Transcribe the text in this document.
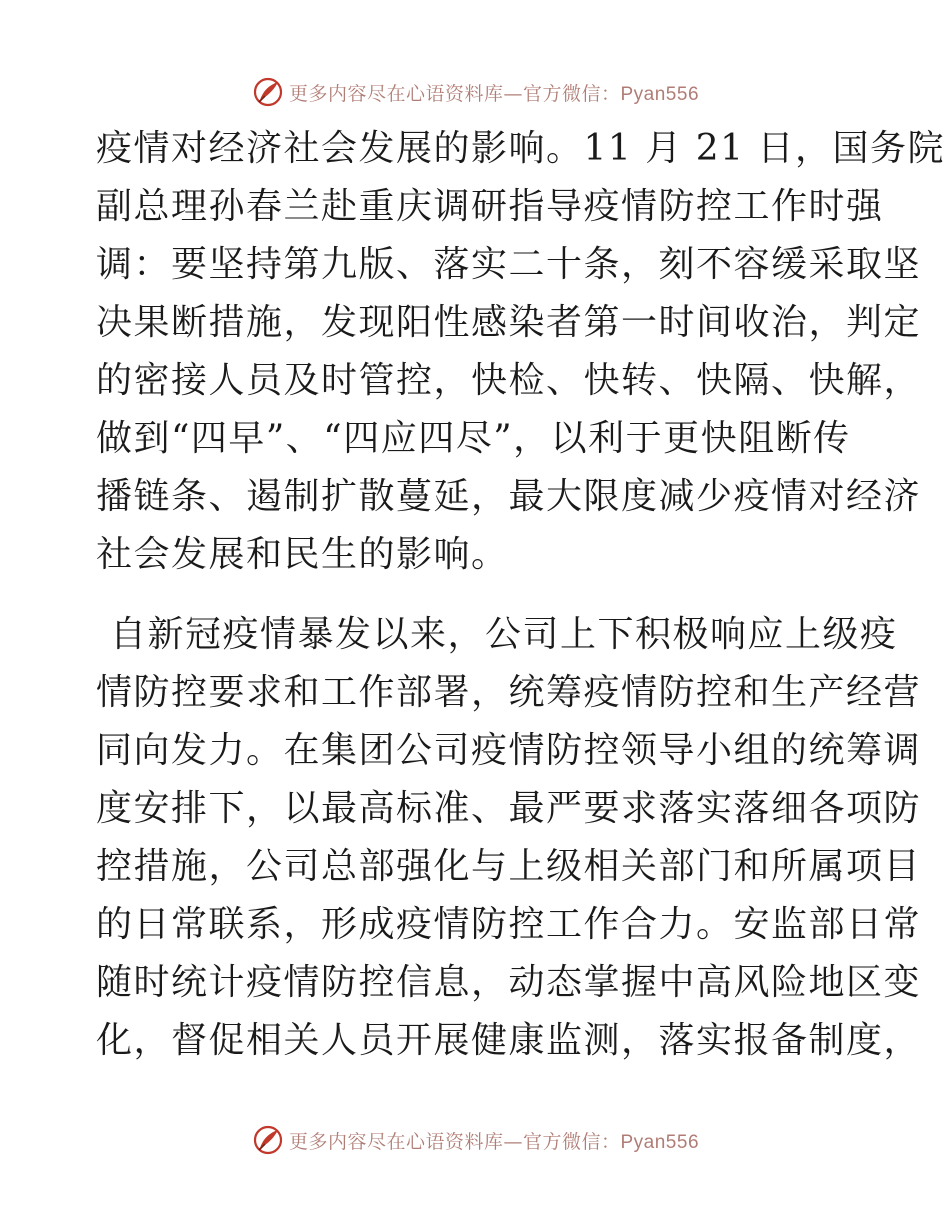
更多内容尽在心语资料库—官方微信：Pyan556
疫情对经济社会发展的影响。11 月 21 日，国务院
副总理孙春兰赴重庆调研指导疫情防控工作时强
调：要坚持第九版、落实二十条，刻不容缓采取坚
决果断措施，发现阳性感染者第一时间收治，判定
的密接人员及时管控，快检、快转、快隔、快解，
做到“四早”、“四应四尽”，以利于更快阻断传
播链条、遏制扩散蔓延，最大限度减少疫情对经济
社会发展和民生的影响。
自新冠疫情暴发以来，公司上下积极响应上级疫
情防控要求和工作部署，统筹疫情防控和生产经营
同向发力。在集团公司疫情防控领导小组的统筹调
度安排下，以最高标准、最严要求落实落细各项防
控措施，公司总部强化与上级相关部门和所属项目
的日常联系，形成疫情防控工作合力。安监部日常
随时统计疫情防控信息，动态掌握中高风险地区变
化，督促相关人员开展健康监测，落实报备制度，
更多内容尽在心语资料库—官方微信：Pyan556
